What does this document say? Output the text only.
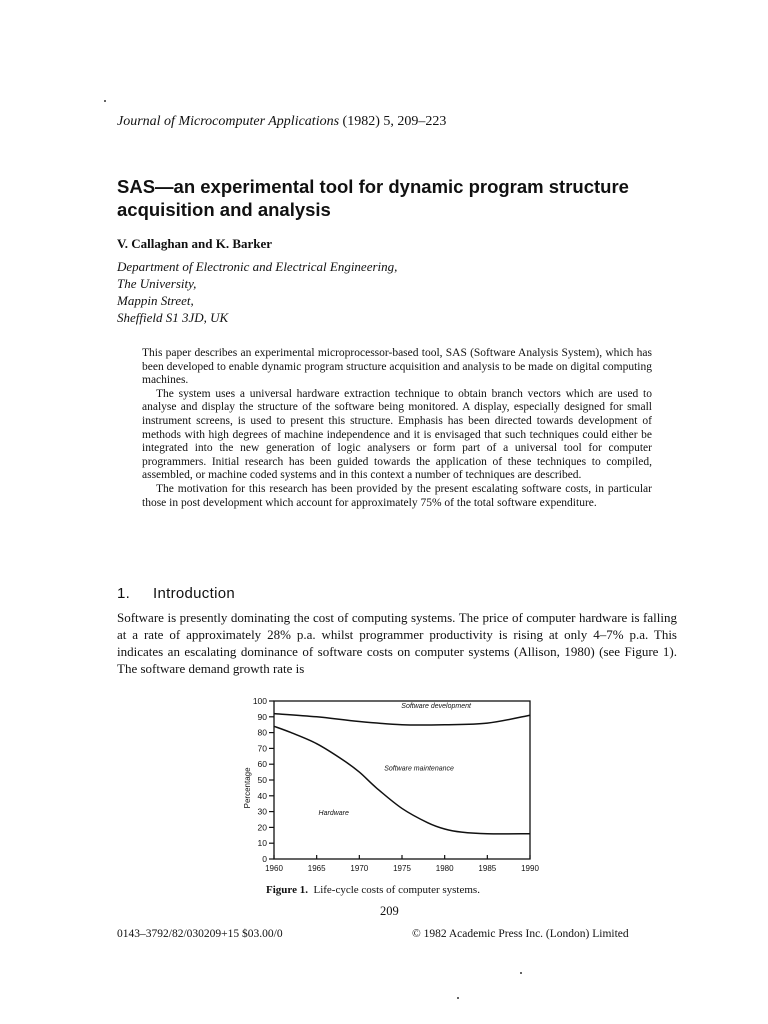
Journal of Microcomputer Applications (1982) 5, 209–223
SAS—an experimental tool for dynamic program structure acquisition and analysis
V. Callaghan and K. Barker
Department of Electronic and Electrical Engineering,
The University,
Mappin Street,
Sheffield S1 3JD, UK

This paper describes an experimental microprocessor-based tool, SAS (Software Analysis System), which has been developed to enable dynamic program structure acquisition and analysis to be made on digital computing machines.

The system uses a universal hardware extraction technique to obtain branch vectors which are used to analyse and display the structure of the software being monitored. A display, especially designed for small instrument screens, is used to present this structure. Emphasis has been directed towards development of methods with high degrees of machine independence and it is envisaged that such techniques could either be integrated into the new generation of logic analysers or form part of a universal tool for computer programmers. Initial research has been guided towards the application of these techniques to compiled, assembled, or machine coded systems and in this context a number of techniques are described.

The motivation for this research has been provided by the present escalating software costs, in particular those in post development which account for approximately 75% of the total software expenditure.

1. Introduction

Software is presently dominating the cost of computing systems. The price of computer hardware is falling at a rate of approximately 28% p.a. whilst programmer productivity is rising at only 4–7% p.a. This indicates an escalating dominance of software costs on computer systems (Allison, 1980) (see Figure 1). The software demand growth rate is

0
10
20
30
40
50
60
70
80
90
100
1960	1965	1970	1975	1980	1985	1990
Percentage
Software development
Software maintenance
Hardware
Figure 1. Life-cycle costs of computer systems.
209
0143–3792/82/030209+15 $03.00/0	© 1982 Academic Press Inc. (London) Limited
